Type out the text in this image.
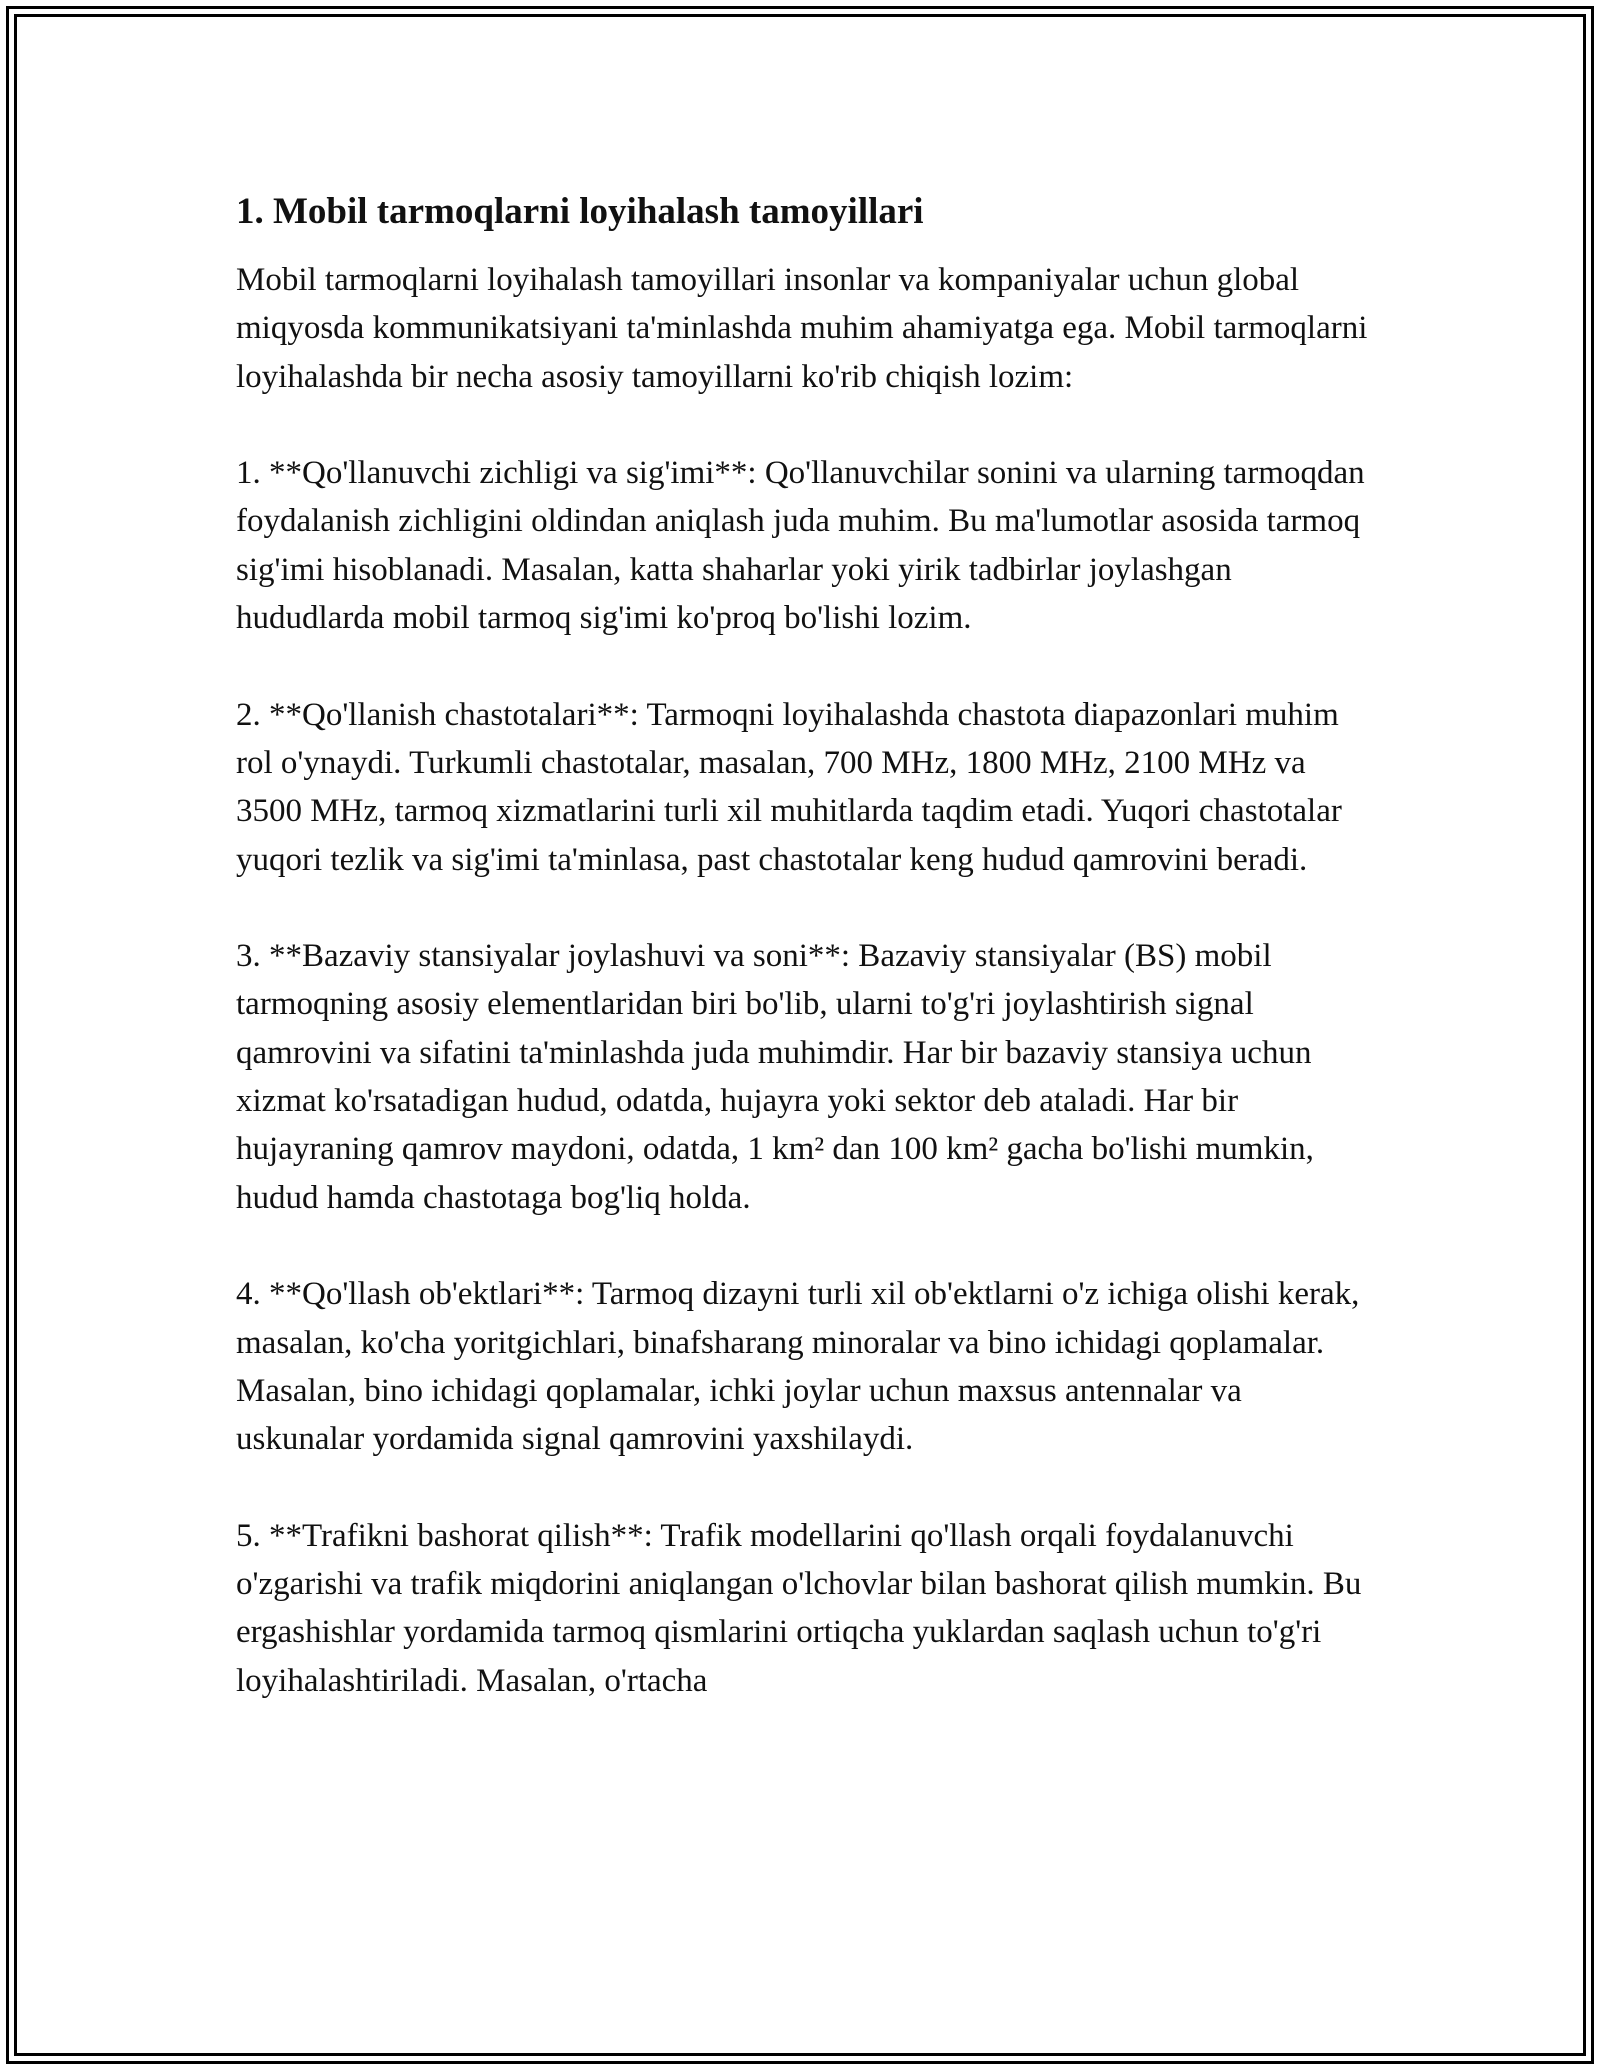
1. Mobil tarmoqlarni loyihalash tamoyillari

Mobil tarmoqlarni loyihalash tamoyillari insonlar va kompaniyalar uchun global miqyosda kommunikatsiyani ta'minlashda muhim ahamiyatga ega. Mobil tarmoqlarni loyihalashda bir necha asosiy tamoyillarni ko'rib chiqish lozim:

1. **Qo'llanuvchi zichligi va sig'imi**: Qo'llanuvchilar sonini va ularning tarmoqdan foydalanish zichligini oldindan aniqlash juda muhim. Bu ma'lumotlar asosida tarmoq sig'imi hisoblanadi. Masalan, katta shaharlar yoki yirik tadbirlar joylashgan hududlarda mobil tarmoq sig'imi ko'proq bo'lishi lozim.

2. **Qo'llanish chastotalari**: Tarmoqni loyihalashda chastota diapazonlari muhim rol o'ynaydi. Turkumli chastotalar, masalan, 700 MHz, 1800 MHz, 2100 MHz va 3500 MHz, tarmoq xizmatlarini turli xil muhitlarda taqdim etadi. Yuqori chastotalar yuqori tezlik va sig'imi ta'minlasa, past chastotalar keng hudud qamrovini beradi.

3. **Bazaviy stansiyalar joylashuvi va soni**: Bazaviy stansiyalar (BS) mobil tarmoqning asosiy elementlaridan biri bo'lib, ularni to'g'ri joylashtirish signal qamrovini va sifatini ta'minlashda juda muhimdir. Har bir bazaviy stansiya uchun xizmat ko'rsatadigan hudud, odatda, hujayra yoki sektor deb ataladi. Har bir hujayraning qamrov maydoni, odatda, 1 km² dan 100 km² gacha bo'lishi mumkin, hudud hamda chastotaga bog'liq holda.

4. **Qo'llash ob'ektlari**: Tarmoq dizayni turli xil ob'ektlarni o'z ichiga olishi kerak, masalan, ko'cha yoritgichlari, binafsharang minoralar va bino ichidagi qoplamalar. Masalan, bino ichidagi qoplamalar, ichki joylar uchun maxsus antennalar va uskunalar yordamida signal qamrovini yaxshilaydi.

5. **Trafikni bashorat qilish**: Trafik modellarini qo'llash orqali foydalanuvchi o'zgarishi va trafik miqdorini aniqlangan o'lchovlar bilan bashorat qilish mumkin. Bu ergashishlar yordamida tarmoq qismlarini ortiqcha yuklardan saqlash uchun to'g'ri loyihalashtiriladi. Masalan, o'rtacha
